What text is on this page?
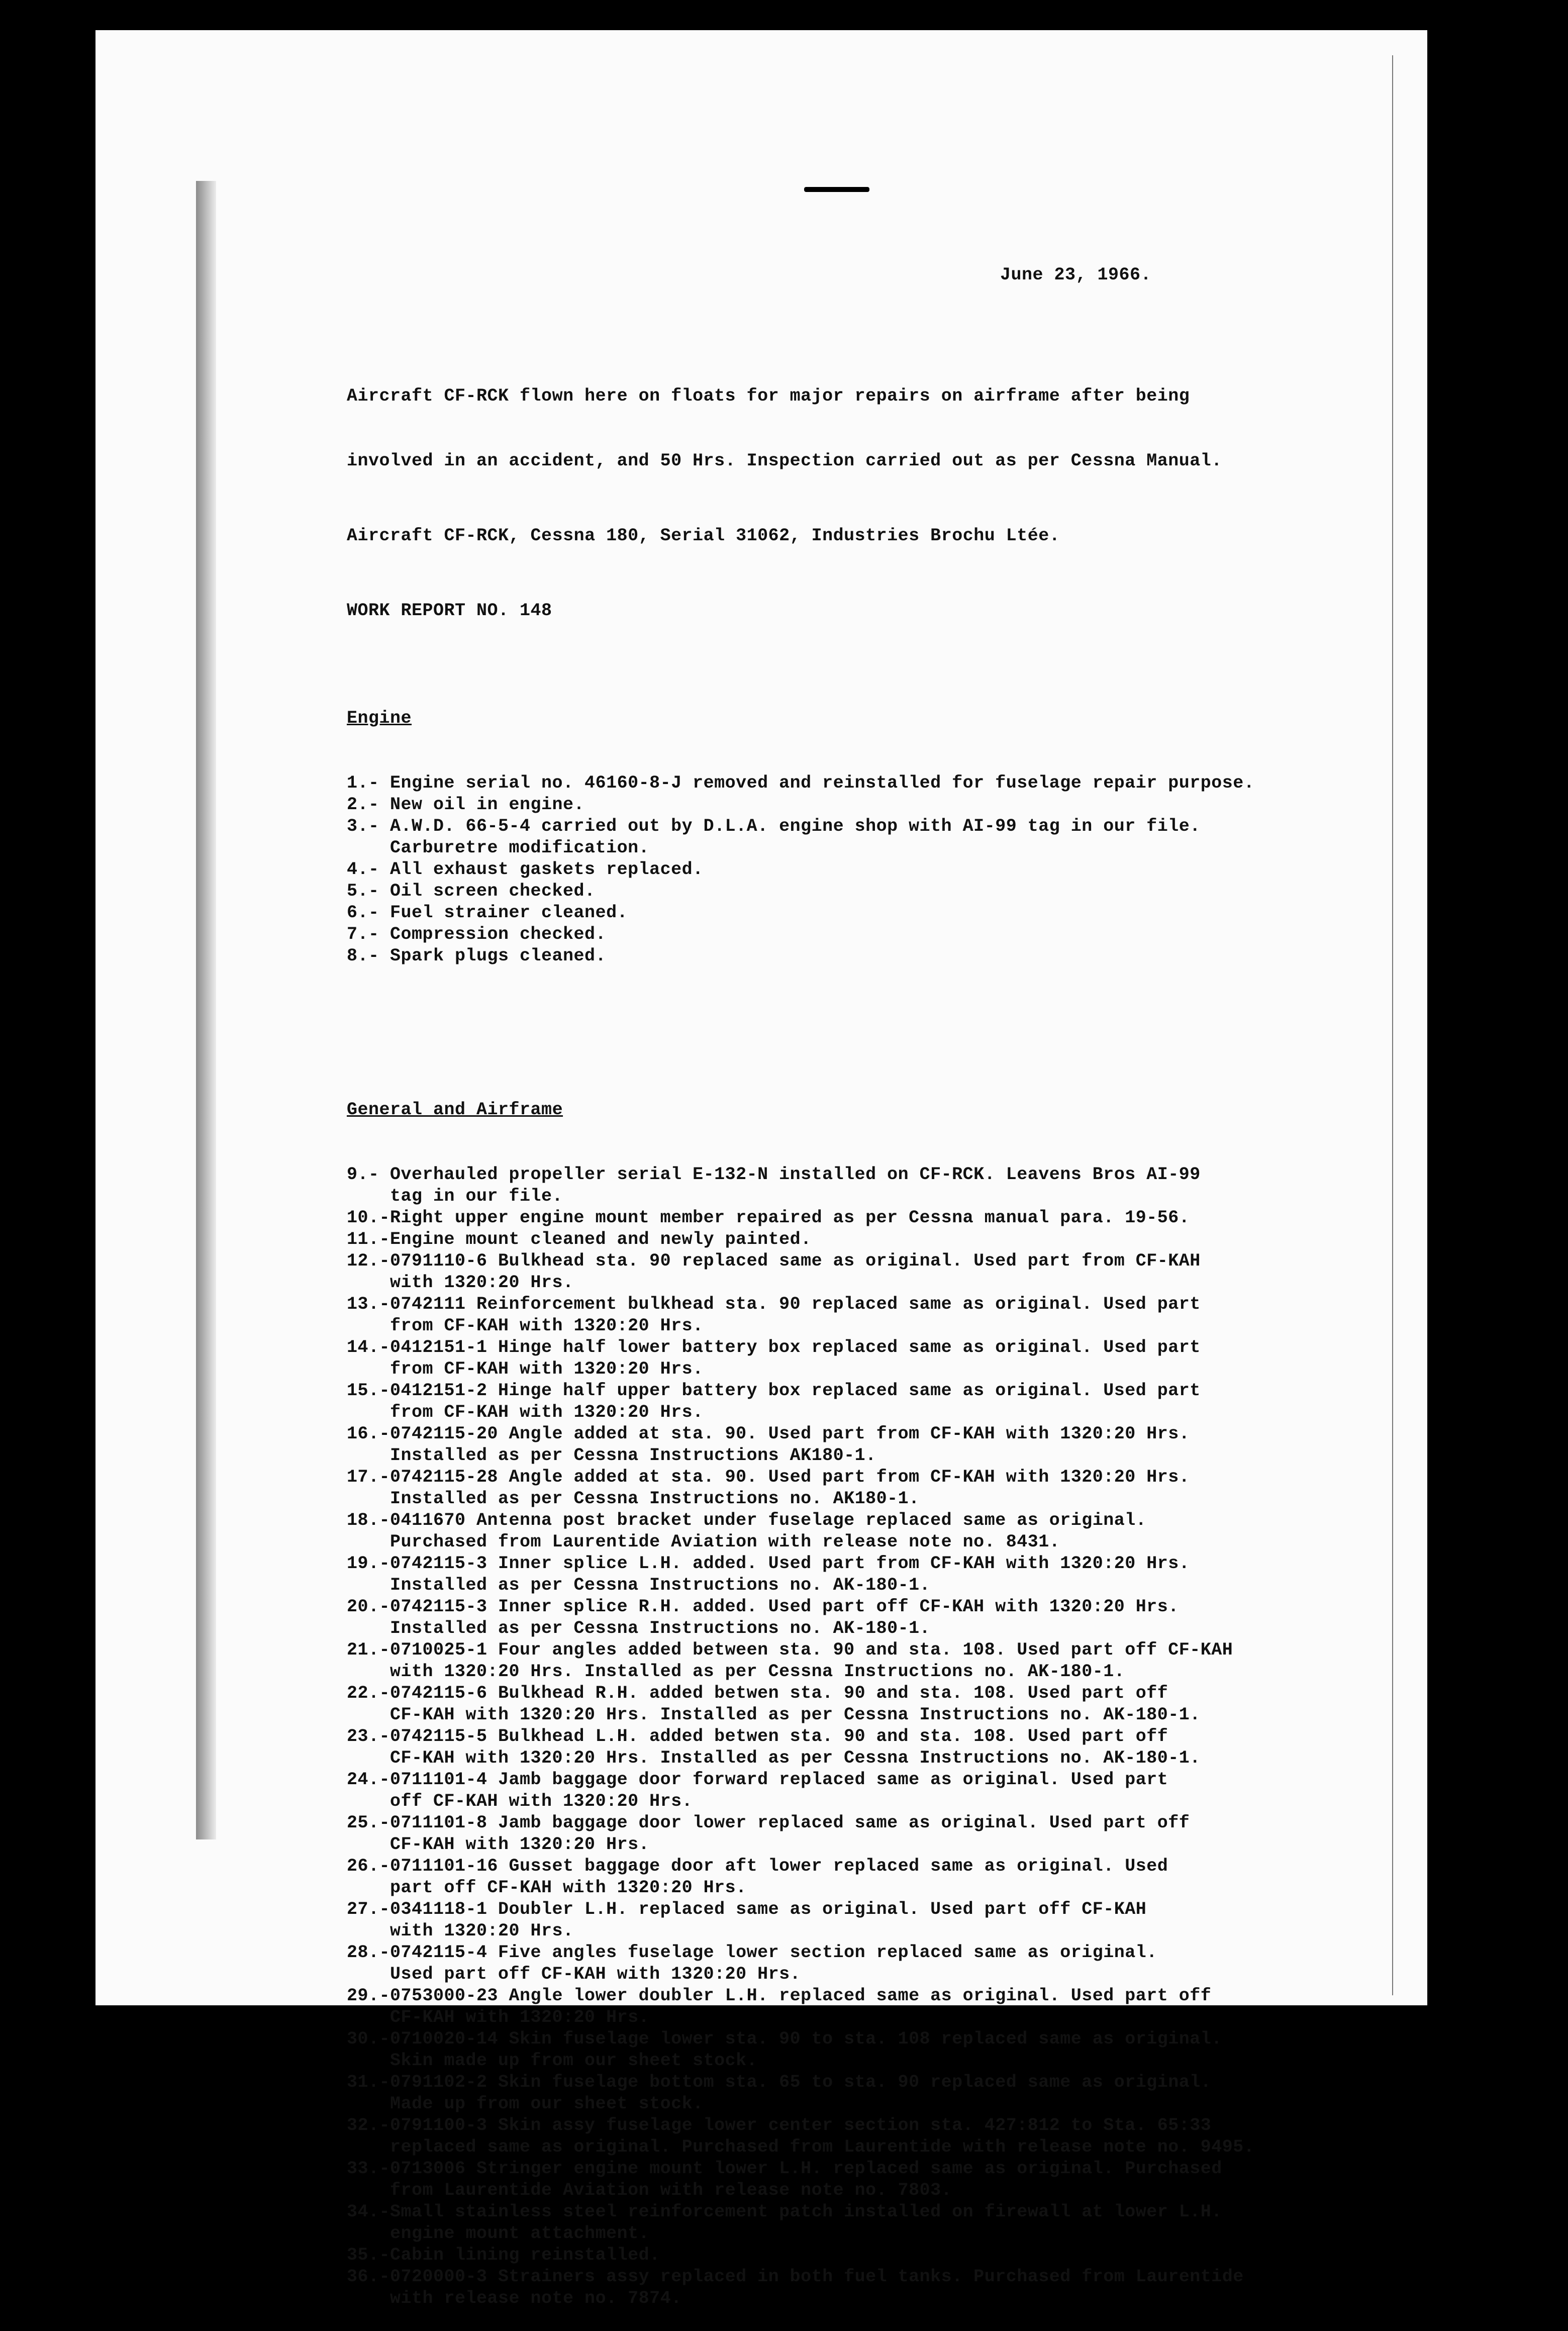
June 23, 1966.

Aircraft CF-RCK flown here on floats for major repairs on airframe after being

involved in an accident, and 50 Hrs. Inspection carried out as per Cessna Manual.

Aircraft CF-RCK, Cessna 180, Serial 31062, Industries Brochu Ltée.

WORK REPORT NO. 148

Engine

1.- Engine serial no. 46160-8-J removed and reinstalled for fuselage repair purpose.
2.- New oil in engine.
3.- A.W.D. 66-5-4 carried out by D.L.A. engine shop with AI-99 tag in our file.
Carburetre modification.
4.- All exhaust gaskets replaced.
5.- Oil screen checked.
6.- Fuel strainer cleaned.
7.- Compression checked.
8.- Spark plugs cleaned.

General and Airframe

9.- Overhauled propeller serial E-132-N installed on CF-RCK. Leavens Bros AI-99
tag in our file.
10.- Right upper engine mount member repaired as per Cessna manual para. 19-56.
11.- Engine mount cleaned and newly painted.
12.- 0791110-6 Bulkhead sta. 90 replaced same as original. Used part from CF-KAH
with 1320:20 Hrs.
13.- 0742111 Reinforcement bulkhead sta. 90 replaced same as original. Used part
from CF-KAH with 1320:20 Hrs.
14.- 0412151-1 Hinge half lower battery box replaced same as original. Used part
from CF-KAH with 1320:20 Hrs.
15.- 0412151-2 Hinge half upper battery box replaced same as original. Used part
from CF-KAH with 1320:20 Hrs.
16.- 0742115-20 Angle added at sta. 90. Used part from CF-KAH with 1320:20 Hrs.
Installed as per Cessna Instructions AK180-1.
17.- 0742115-28 Angle added at sta. 90. Used part from CF-KAH with 1320:20 Hrs.
Installed as per Cessna Instructions no. AK180-1.
18.- 0411670 Antenna post bracket under fuselage replaced same as original.
Purchased from Laurentide Aviation with release note no. 8431.
19.- 0742115-3 Inner splice L.H. added. Used part from CF-KAH with 1320:20 Hrs.
Installed as per Cessna Instructions no. AK-180-1.
20.- 0742115-3 Inner splice R.H. added. Used part off CF-KAH with 1320:20 Hrs.
Installed as per Cessna Instructions no. AK-180-1.
21.- 0710025-1 Four angles added between sta. 90 and sta. 108. Used part off CF-KAH
with 1320:20 Hrs. Installed as per Cessna Instructions no. AK-180-1.
22.- 0742115-6 Bulkhead R.H. added betwen sta. 90 and sta. 108. Used part off
CF-KAH with 1320:20 Hrs. Installed as per Cessna Instructions no. AK-180-1.
23.- 0742115-5 Bulkhead L.H. added betwen sta. 90 and sta. 108. Used part off
CF-KAH with 1320:20 Hrs. Installed as per Cessna Instructions no. AK-180-1.
24.- 0711101-4 Jamb baggage door forward replaced same as original. Used part
off CF-KAH with 1320:20 Hrs.
25.- 0711101-8 Jamb baggage door lower replaced same as original. Used part off
CF-KAH with 1320:20 Hrs.
26.- 0711101-16 Gusset baggage door aft lower replaced same as original. Used
part off CF-KAH with 1320:20 Hrs.
27.- 0341118-1 Doubler L.H. replaced same as original. Used part off CF-KAH
with 1320:20 Hrs.
28.- 0742115-4 Five angles fuselage lower section replaced same as original.
Used part off CF-KAH with 1320:20 Hrs.
29.- 0753000-23 Angle lower doubler L.H. replaced same as original. Used part off
CF-KAH with 1320:20 Hrs.
30.- 0710020-14 Skin fuselage lower sta. 90 to sta. 108 replaced same as original.
Skin made up from our sheet stock.
31.- 0791102-2 Skin fuselage bottom sta. 65 to sta. 90 replaced same as original.
Made up from our sheet stock.
32.- 0791100-3 Skin assy fuselage lower center section sta. 427:812 to Sta. 65:33
replaced same as original. Purchased from Laurentide with release note no. 9495.
33.- 0713006 Stringer engine mount lower L.H. replaced same as original. Purchased
from Laurentide Aviation with release note no. 7803.
34.- Small stainless steel reinforcement patch installed on firewall at lower L.H.
engine mount attachment.
35.- Cabin lining reinstalled.
36.- 0720000-3 Strainers assy replaced in both fuel tanks. Purchased from Laurentide
with release note no. 7874.
